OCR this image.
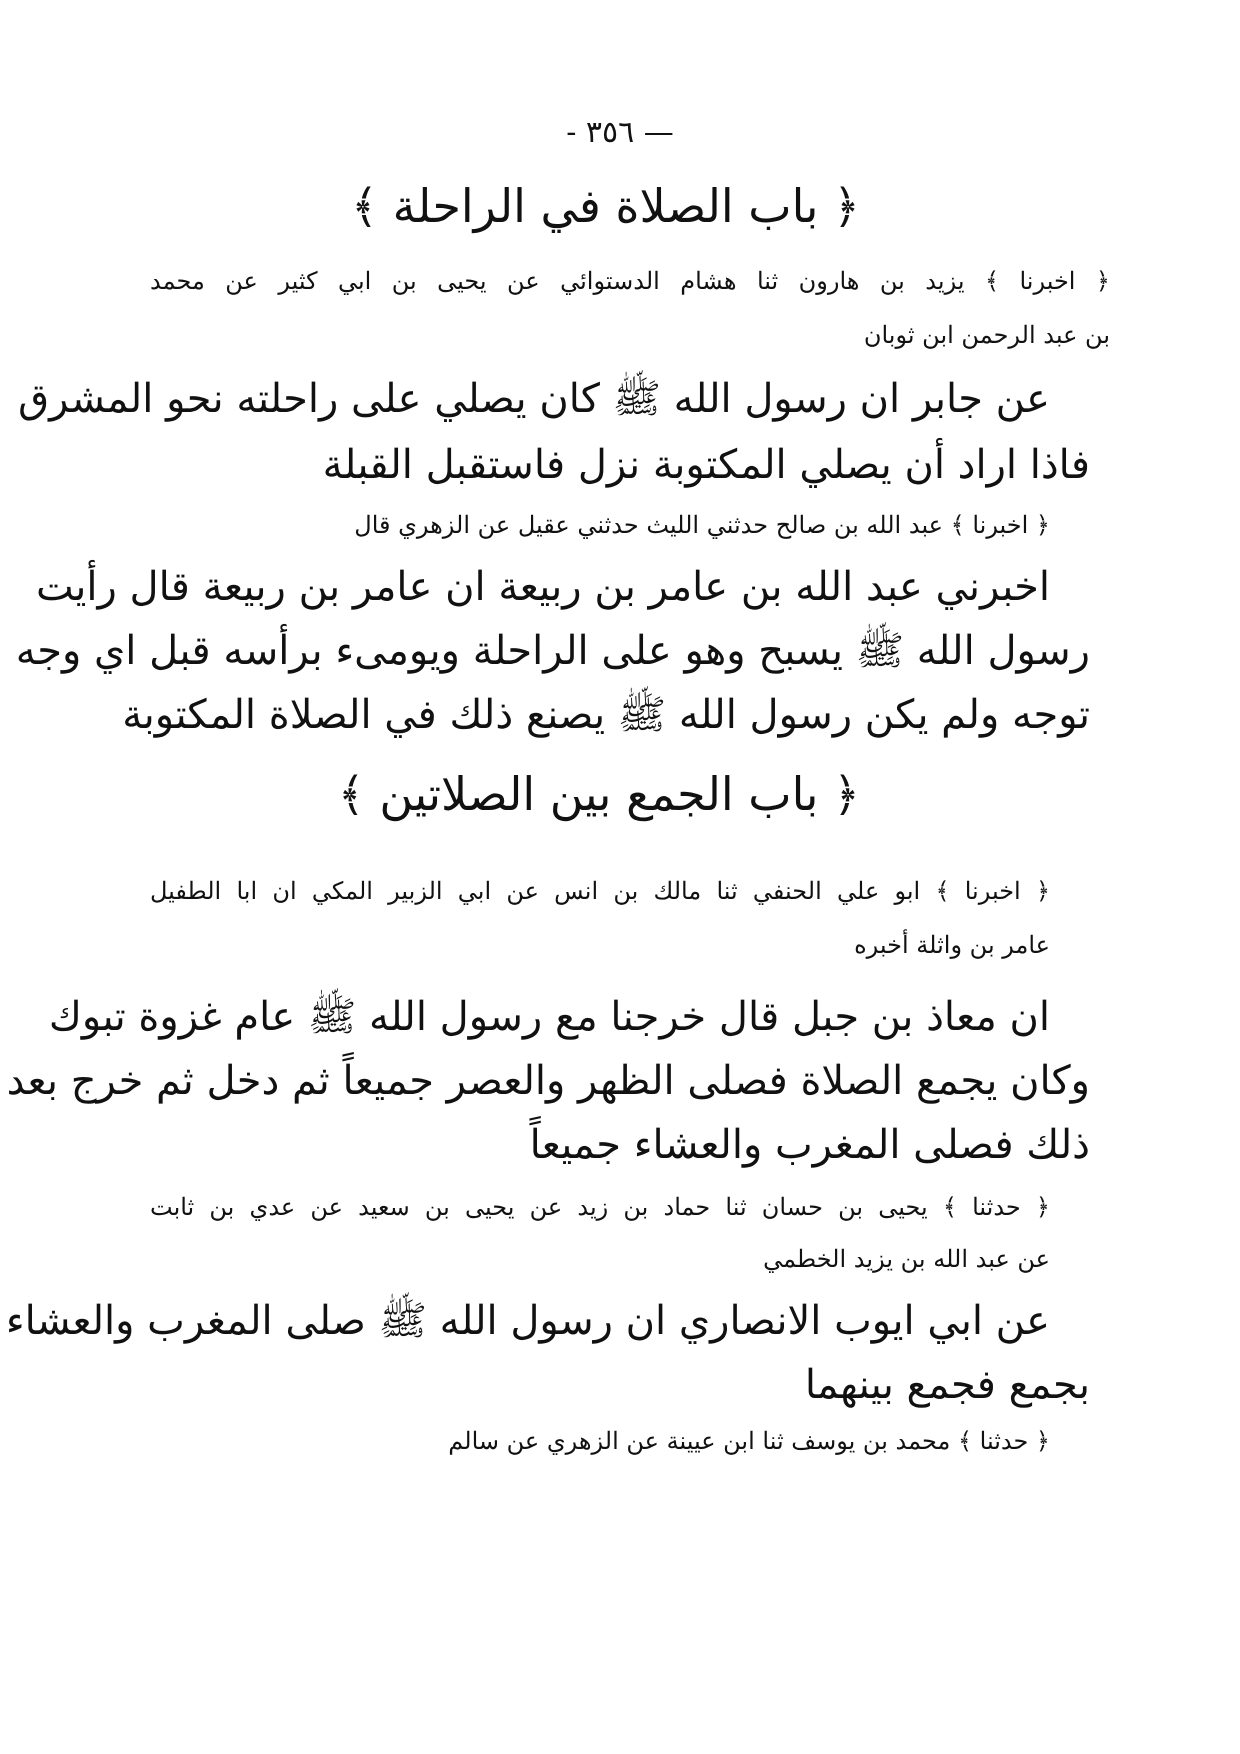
— ٣٥٦ -
﴿ باب الصلاة في الراحلة ﴾
﴿ اخبرنا ﴾ يزيد بن هارون ثنا هشام الدستوائي عن يحيى بن ابي كثير عن محمد
بن عبد الرحمن ابن ثوبان
عن جابر ان رسول الله ﷺ كان يصلي على راحلته نحو المشرق
فاذا اراد أن يصلي المكتوبة نزل فاستقبل القبلة
﴿ اخبرنا ﴾ عبد الله بن صالح حدثني الليث حدثني عقيل عن الزهري قال
اخبرني عبد الله بن عامر بن ربيعة ان عامر بن ربيعة قال رأيت
رسول الله ﷺ يسبح وهو على الراحلة ويومىء برأسه قبل اي وجه
توجه ولم يكن رسول الله ﷺ يصنع ذلك في الصلاة المكتوبة
﴿ باب الجمع بين الصلاتين ﴾
﴿ اخبرنا ﴾ ابو علي الحنفي ثنا مالك بن انس عن ابي الزبير المكي ان ابا الطفيل
عامر بن واثلة أخبره
ان معاذ بن جبل قال خرجنا مع رسول الله ﷺ عام غزوة تبوك
وكان يجمع الصلاة فصلى الظهر والعصر جميعاً ثم دخل ثم خرج بعد
ذلك فصلى المغرب والعشاء جميعاً
﴿ حدثنا ﴾ يحيى بن حسان ثنا حماد بن زيد عن يحيى بن سعيد عن عدي بن ثابت
عن عبد الله بن يزيد الخطمي
عن ابي ايوب الانصاري ان رسول الله ﷺ صلى المغرب والعشاء
بجمع فجمع بينهما
﴿ حدثنا ﴾ محمد بن يوسف ثنا ابن عيينة عن الزهري عن سالم
